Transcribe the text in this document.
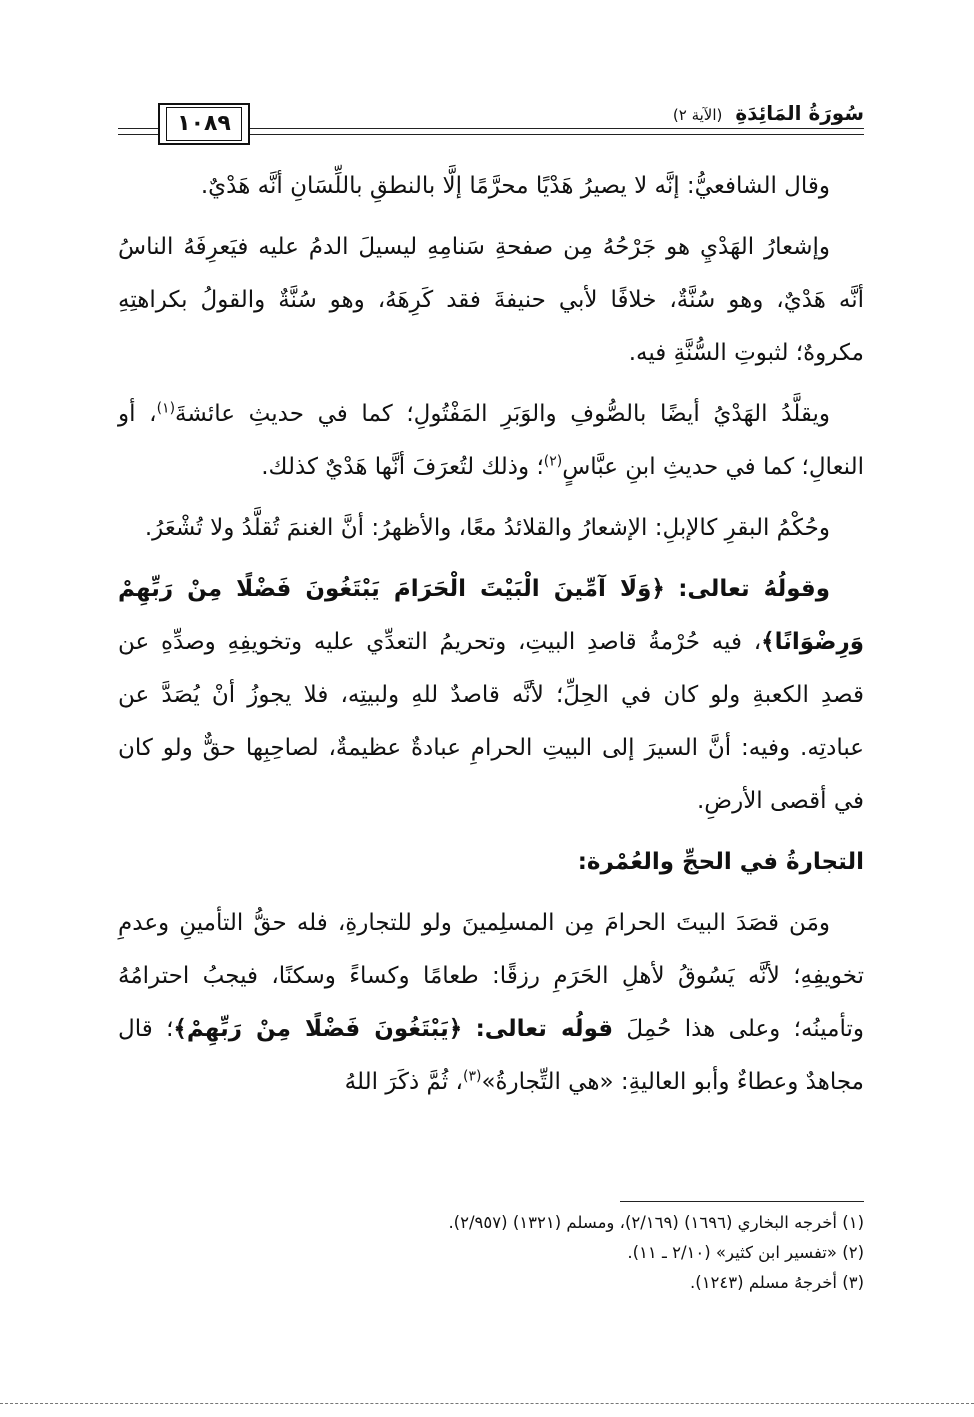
١٠٨٩	سُورَةُ المَائِدَةِ (الآية ٢)

وقال الشافعيُّ: إنَّه لا يصيرُ هَدْيًا محرَّمًا إلَّا بالنطقِ باللِّسَانِ أنَّه هَدْيٌ.

وإشعارُ الهَدْيِ هو جَرْحُهُ مِن صفحةِ سَنامِهِ ليسيلَ الدمُ عليه فيَعرِفَهُ الناسُ أنَّه هَدْيٌ، وهو سُنَّةٌ، خلافًا لأبي حنيفةَ فقد كَرِهَهُ، وهو سُنَّةٌ والقولُ بكراهتِهِ مكروهٌ؛ لثبوتِ السُّنَّةِ فيه.

ويقلَّدُ الهَدْيُ أيضًا بالصُّوفِ والوَبَرِ المَفْتُولِ؛ كما في حديثِ عائشةَ$^{(١)}$، أو النعالِ؛ كما في حديثِ ابنِ عبَّاسٍ$^{(٢)}$؛ وذلك لتُعرَفَ أنَّها هَدْيٌ كذلك.

وحُكْمُ البقرِ كالإبلِ: الإشعارُ والقلائدُ معًا، والأظهرُ: أنَّ الغنمَ تُقلَّدُ ولا تُشْعَرُ.

وقولُهُ تعالى: ﴿وَلَا آمِّينَ الْبَيْتَ الْحَرَامَ يَبْتَغُونَ فَضْلًا مِنْ رَبِّهِمْ وَرِضْوَانًا﴾، فيه حُرْمةُ قاصدِ البيتِ، وتحريمُ التعدِّي عليه وتخويفِهِ وصدِّهِ عن قصدِ الكعبةِ ولو كان في الحِلِّ؛ لأنَّه قاصدٌ للهِ ولبيتِه، فلا يجوزُ أنْ يُصَدَّ عن عبادتِه. وفيه: أنَّ السيرَ إلى البيتِ الحرامِ عبادةٌ عظيمةٌ، لصاحِبِها حقٌّ ولو كان في أقصى الأرضِ.

التجارةُ في الحجِّ والعُمْرة:

ومَن قصَدَ البيتَ الحرامَ مِن المسلِمينَ ولو للتجارةِ، فله حقُّ التأمينِ وعدمِ تخويفِهِ؛ لأنَّه يَسُوقُ لأهلِ الحَرَمِ رزقًا: طعامًا وكساءً وسكنًا، فيجبُ احترامُهُ وتأمينُه؛ وعلى هذا حُمِلَ قولُه تعالى: ﴿يَبْتَغُونَ فَضْلًا مِنْ رَبِّهِمْ﴾؛ قال مجاهدٌ وعطاءٌ وأبو العاليةِ: «هي التِّجارةُ»$^{(٣)}$، ثُمَّ ذكَرَ اللهُ

(١) أخرجه البخاري (١٦٩٦) (٢/١٦٩)، ومسلم (١٣٢١) (٢/٩٥٧).
(٢) «تفسير ابن كثير» (٢/١٠ ـ ١١).
(٣) أخرجهُ مسلم (١٢٤٣).
